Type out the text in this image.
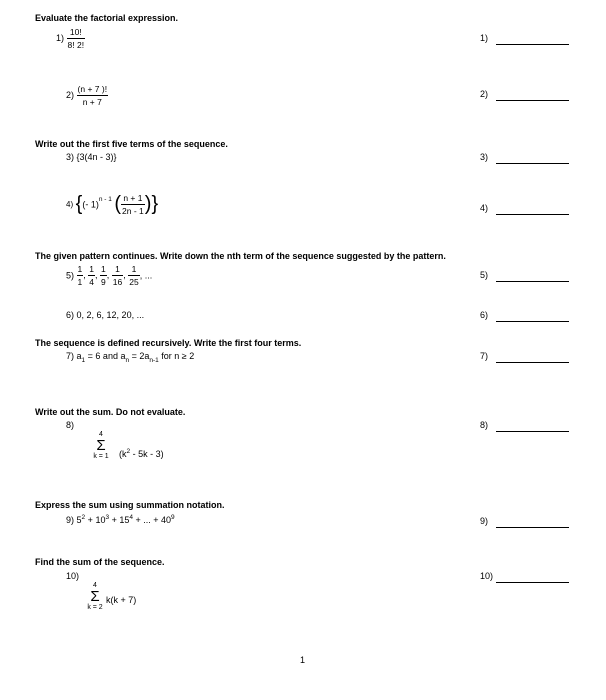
Evaluate the factorial expression.
Write out the first five terms of the sequence.
The given pattern continues. Write down the nth term of the sequence suggested by the pattern.
The sequence is defined recursively. Write the first four terms.
Write out the sum. Do not evaluate.
Express the sum using summation notation.
Find the sum of the sequence.
$1) \frac{10!}{8! 2!}$
$2) \frac{(n + 7 )!}{n + 7}$
3) {3(4n - 3)}
4) {(- 1)$^{n - 1}$ ( $\frac{n + 1}{2n - 1}$ )}
$5) \frac{1}{1}$ , $\frac{1}{4}$ , $\frac{1}{9}$ , $\frac{1}{16}$ , $\frac{1}{25}$ , ...
6) 0, 2, 6, 12, 20, ...
7) $a_1 = 6$ and $a_n = 2a_{n-1}$ for n ≥ 2
8)
4
Σ
k = 1	$(k^2 - 5k - 3)$
9) $5^2 + 10^3 + 15^4$ + ... + $40^9$
10)
4
Σ
k = 2
k(k + 7)
1)
2)
3)
4)
5)
6)
7)
8)
9)
10)
1
